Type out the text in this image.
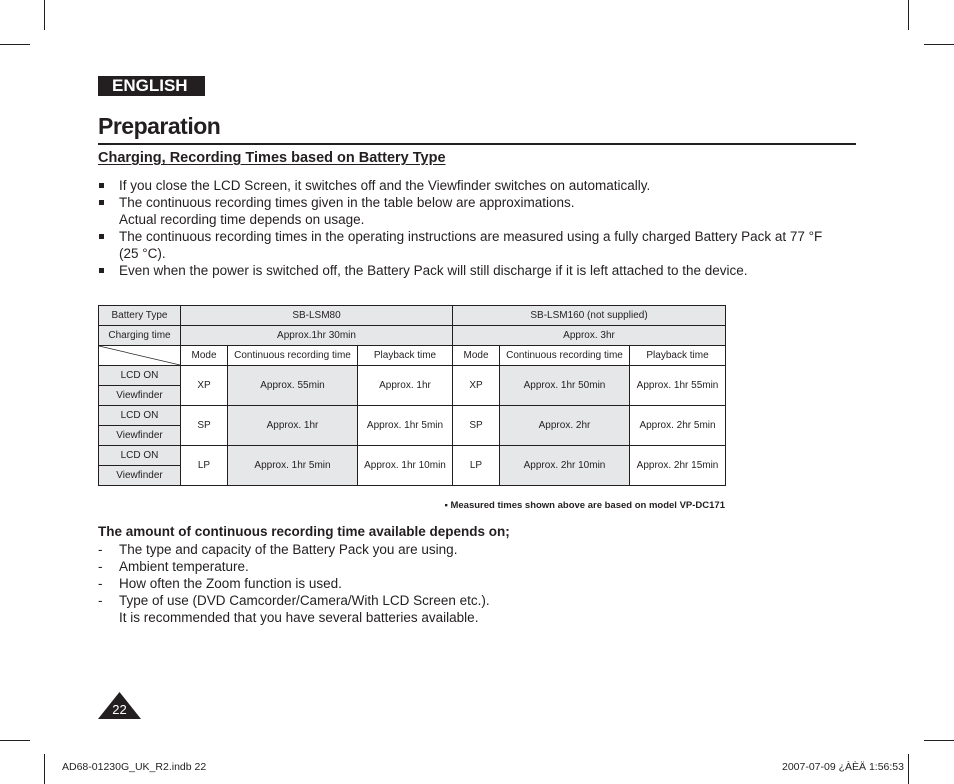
ENGLISH
Preparation
Charging, Recording Times based on Battery Type
If you close the LCD Screen, it switches off and the Viewfinder switches on automatically.
The continuous recording times given in the table below are approximations.
Actual recording time depends on usage.
The continuous recording times in the operating instructions are measured using a fully charged Battery Pack at 77 °F
(25 °C).
Even when the power is switched off, the Battery Pack will still discharge if it is left attached to the device.
Battery Type	SB-LSM80			SB-LSM160 (not supplied)		
Charging time	Approx.1hr 30min			Approx. 3hr		

	Mode	Continuous recording time	Playback time	Mode	Continuous recording time	Playback time
LCD ON	XP	Approx. 55min	Approx. 1hr	XP	Approx. 1hr 50min	Approx. 1hr 55min
Viewfinder						
LCD ON	SP	Approx. 1hr	Approx. 1hr 5min	SP	Approx. 2hr	Approx. 2hr 5min
Viewfinder						
LCD ON	LP	Approx. 1hr 5min	Approx. 1hr 10min	LP	Approx. 2hr 10min	Approx. 2hr 15min
Viewfinder						
▪ Measured times shown above are based on model VP-DC171
The amount of continuous recording time available depends on;
- The type and capacity of the Battery Pack you are using.
- Ambient temperature.
- How often the Zoom function is used.
- Type of use (DVD Camcorder/Camera/With LCD Screen etc.).
It is recommended that you have several batteries available.
22
AD68-01230G_UK_R2.indb 22	2007-07-09 ¿ÀÈÄ 1:56:53
